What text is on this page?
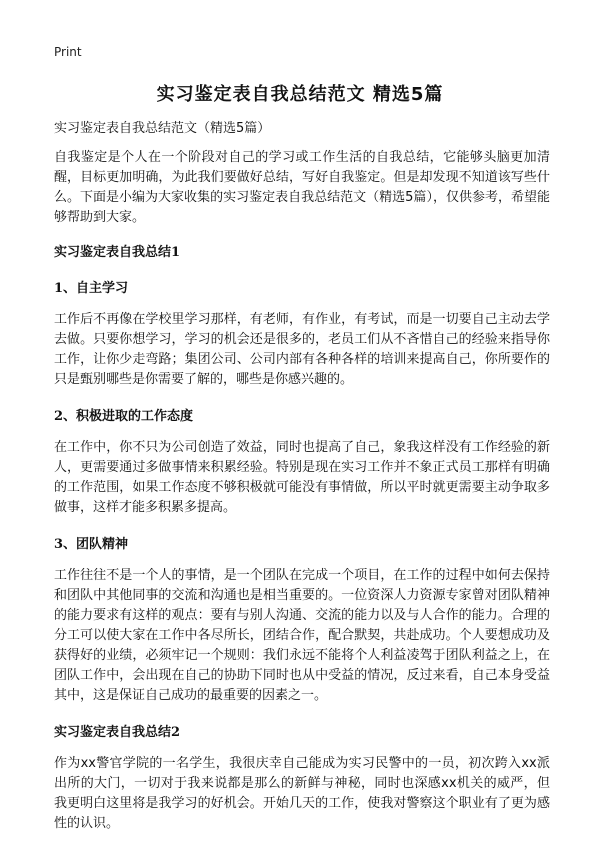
Print
实习鉴定表自我总结范文 精选5篇

实习鉴定表自我总结范文（精选5篇）

自我鉴定是个人在一个阶段对自己的学习或工作生活的自我总结，它能够头脑更加清醒，目标更加明确，为此我们要做好总结，写好自我鉴定。但是却发现不知道该写些什么。下面是小编为大家收集的实习鉴定表自我总结范文（精选5篇），仅供参考，希望能够帮助到大家。

实习鉴定表自我总结1
1、自主学习

工作后不再像在学校里学习那样，有老师，有作业，有考试，而是一切要自己主动去学去做。只要你想学习，学习的机会还是很多的，老员工们从不吝惜自己的经验来指导你工作，让你少走弯路；集团公司、公司内部有各种各样的培训来提高自己，你所要作的只是甄别哪些是你需要了解的，哪些是你感兴趣的。

2、积极进取的工作态度

在工作中，你不只为公司创造了效益，同时也提高了自己，象我这样没有工作经验的新人，更需要通过多做事情来积累经验。特别是现在实习工作并不象正式员工那样有明确的工作范围，如果工作态度不够积极就可能没有事情做，所以平时就更需要主动争取多做事，这样才能多积累多提高。

3、团队精神

工作往往不是一个人的事情，是一个团队在完成一个项目，在工作的过程中如何去保持和团队中其他同事的交流和沟通也是相当重要的。一位资深人力资源专家曾对团队精神的能力要求有这样的观点：要有与别人沟通、交流的能力以及与人合作的能力。合理的分工可以使大家在工作中各尽所长，团结合作，配合默契，共赴成功。个人要想成功及获得好的业绩，必须牢记一个规则：我们永远不能将个人利益凌驾于团队利益之上，在团队工作中，会出现在自己的协助下同时也从中受益的情况，反过来看，自己本身受益其中，这是保证自己成功的最重要的因素之一。

实习鉴定表自我总结2

作为xx警官学院的一名学生，我很庆幸自己能成为实习民警中的一员，初次跨入xx派出所的大门，一切对于我来说都是那么的新鲜与神秘，同时也深感xx机关的威严，但我更明白这里将是我学习的好机会。开始几天的工作，使我对警察这个职业有了更为感性的认识。
